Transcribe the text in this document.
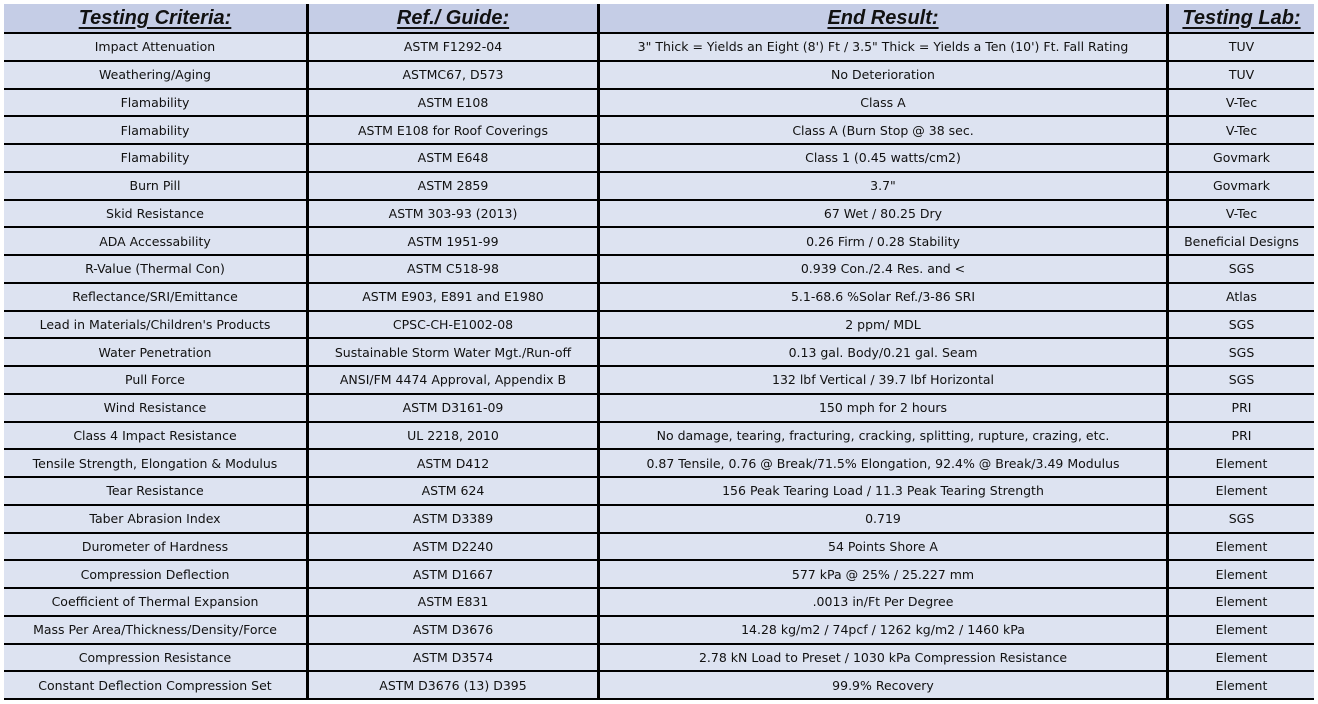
Testing Criteria:	Ref./ Guide:	End Result:	Testing Lab:
Impact Attenuation	ASTM F1292-04	3" Thick = Yields an Eight (8') Ft / 3.5" Thick = Yields a Ten (10') Ft. Fall Rating	TUV
Weathering/Aging	ASTMC67, D573	No Deterioration	TUV
Flamability	ASTM E108	Class A	V-Tec
Flamability	ASTM E108 for Roof Coverings	Class A (Burn Stop @ 38 sec.	V-Tec
Flamability	ASTM E648	Class 1 (0.45 watts/cm2)	Govmark
Burn Pill	ASTM 2859	3.7"	Govmark
Skid Resistance	ASTM 303-93 (2013)	67 Wet / 80.25 Dry	V-Tec
ADA Accessability	ASTM 1951-99	0.26 Firm / 0.28 Stability	Beneficial Designs
R-Value (Thermal Con)	ASTM C518-98	0.939 Con./2.4 Res. and <	SGS
Reflectance/SRI/Emittance	ASTM E903, E891 and E1980	5.1-68.6 %Solar Ref./3-86 SRI	Atlas
Lead in Materials/Children's Products	CPSC-CH-E1002-08	2 ppm/ MDL	SGS
Water Penetration	Sustainable Storm Water Mgt./Run-off	0.13 gal. Body/0.21 gal. Seam	SGS
Pull Force	ANSI/FM 4474 Approval, Appendix B	132 lbf Vertical / 39.7 lbf Horizontal	SGS
Wind Resistance	ASTM D3161-09	150 mph for 2 hours	PRI
Class 4 Impact Resistance	UL 2218, 2010	No damage, tearing, fracturing, cracking, splitting, rupture, crazing, etc.	PRI
Tensile Strength, Elongation & Modulus	ASTM D412	0.87 Tensile, 0.76 @ Break/71.5% Elongation, 92.4% @ Break/3.49 Modulus	Element
Tear Resistance	ASTM 624	156 Peak Tearing Load / 11.3 Peak Tearing Strength	Element
Taber Abrasion Index	ASTM D3389	0.719	SGS
Durometer of Hardness	ASTM D2240	54 Points Shore A	Element
Compression Deflection	ASTM D1667	577 kPa @ 25% / 25.227 mm	Element
Coefficient of Thermal Expansion	ASTM E831	.0013 in/Ft Per Degree	Element
Mass Per Area/Thickness/Density/Force	ASTM D3676	14.28 kg/m2 / 74pcf / 1262 kg/m2 / 1460 kPa	Element
Compression Resistance	ASTM D3574	2.78 kN Load to Preset / 1030 kPa Compression Resistance	Element
Constant Deflection Compression Set	ASTM D3676 (13) D395	99.9% Recovery	Element
